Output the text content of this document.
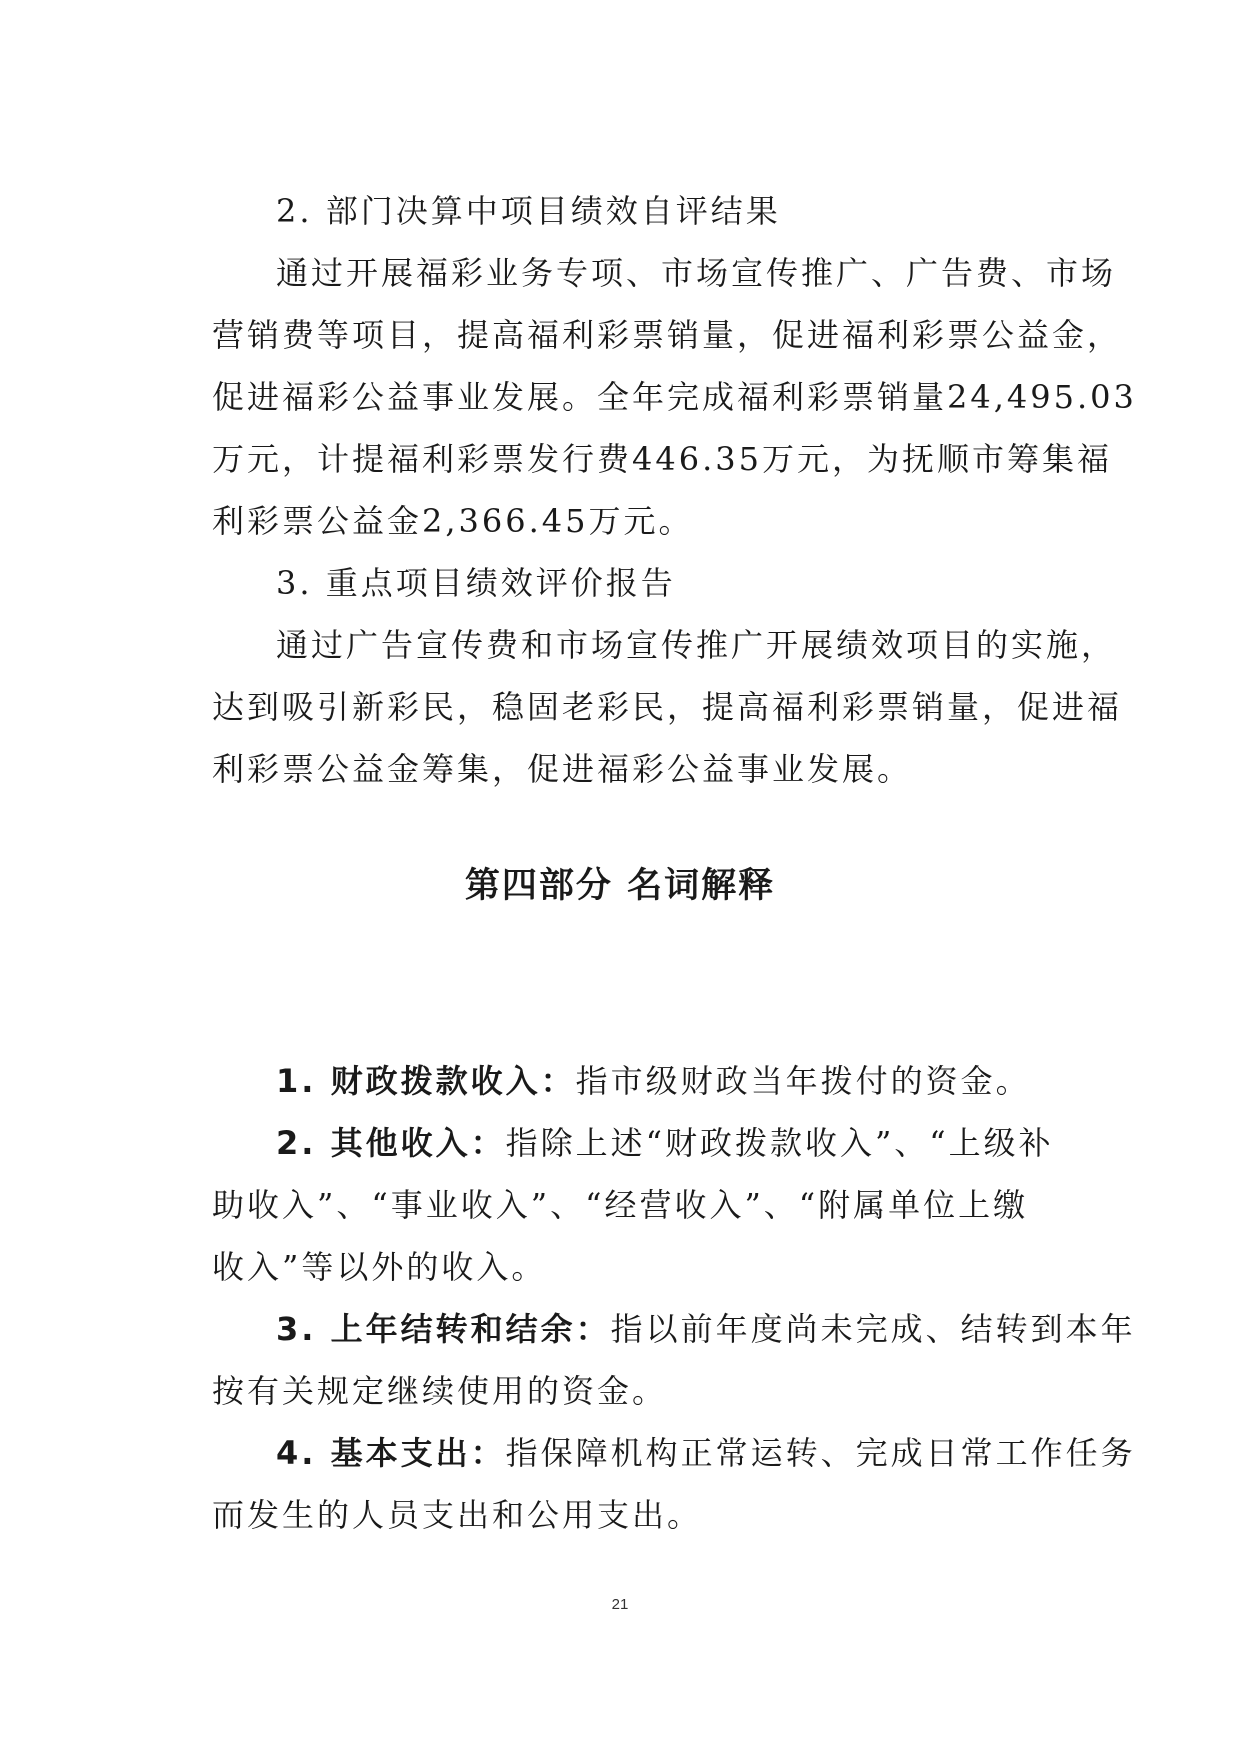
2. 部门决算中项目绩效自评结果
通过开展福彩业务专项、市场宣传推广、广告费、市场
营销费等项目，提高福利彩票销量，促进福利彩票公益金，
促进福彩公益事业发展。全年完成福利彩票销量24,495.03
万元，计提福利彩票发行费446.35万元，为抚顺市筹集福
利彩票公益金2,366.45万元。
3. 重点项目绩效评价报告
通过广告宣传费和市场宣传推广开展绩效项目的实施，
达到吸引新彩民，稳固老彩民，提高福利彩票销量，促进福
利彩票公益金筹集，促进福彩公益事业发展。
第四部分 名词解释
1. 财政拨款收入：指市级财政当年拨付的资金。
2. 其他收入：指除上述“财政拨款收入”、“上级补
助收入”、“事业收入”、“经营收入”、“附属单位上缴
收入”等以外的收入。
3. 上年结转和结余：指以前年度尚未完成、结转到本年
按有关规定继续使用的资金。
4. 基本支出：指保障机构正常运转、完成日常工作任务
而发生的人员支出和公用支出。
21
